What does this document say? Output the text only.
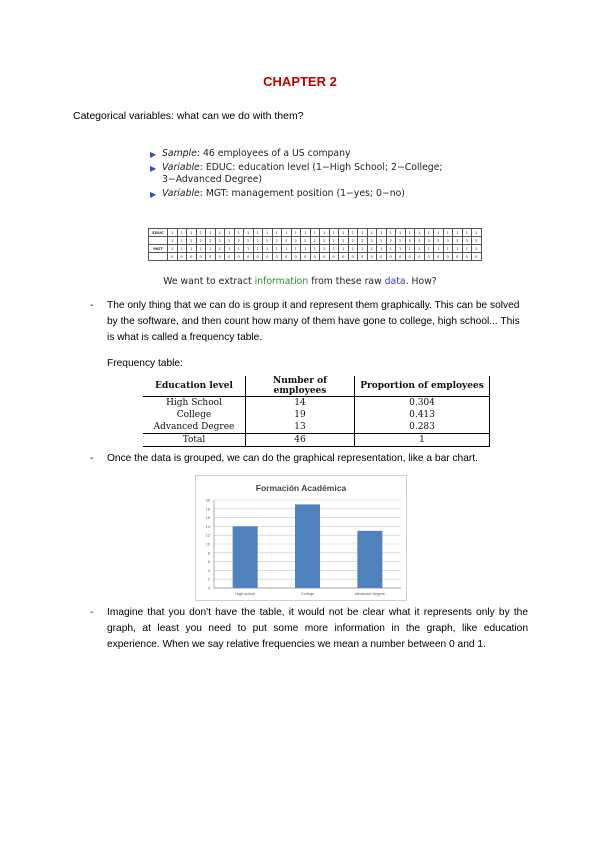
CHAPTER 2
Categorical variables: what can we do with them?
▶ Sample: 46 employees of a US company
▶ Variable: EDUC: education level (1−High School; 2−College;
3−Advanced Degree)
▶ Variable: MGT: management position (1−yes; 0−no)
EDUC	1	1	1	1	1	1	1	1	1	1	1	1	1	1	1	1	1	1	1	1	1	1	1	1	1	1	1	1	1	1	1	1	1
	1	1	2	2	2	2	2	2	2	2	2	2	2	2	2	2	2	2	2	2	2	2	2	2	2	3	3	3	3	3	3	3	3
MGT	1	1	1	1	1	1	1	1	1	1	1	1	1	1	1	1	1	1	1	1	1	1	1	1	1	1	1	1	1	1	1	1	1
	0	0	0	0	0	0	0	0	0	0	0	0	0	0	0	0	0	0	0	0	0	0	0	0	0	0	0	0	0	0	0	0	0
We want to extract information from these raw data. How?
- The only thing that we can do is group it and represent them graphically. This can be solved by the software, and then count how many of them have gone to college, high school... This is what is called a frequency table.
Frequency table:
Education level	Number of employees	Proportion of employees
High School	14	0.304
College	19	0.413
Advanced Degree	13	0.283
Total	46	1
- Once the data is grouped, we can do the graphical representation, like a bar chart.
Formación Académica
0
2
4
6
8
10
12
14
16
18
20
High school	College	Advanced Degree
- Imagine that you don't have the table, it would not be clear what it represents only by the graph, at least you need to put some more information in the graph, like education experience. When we say relative frequencies we mean a number between 0 and 1.
